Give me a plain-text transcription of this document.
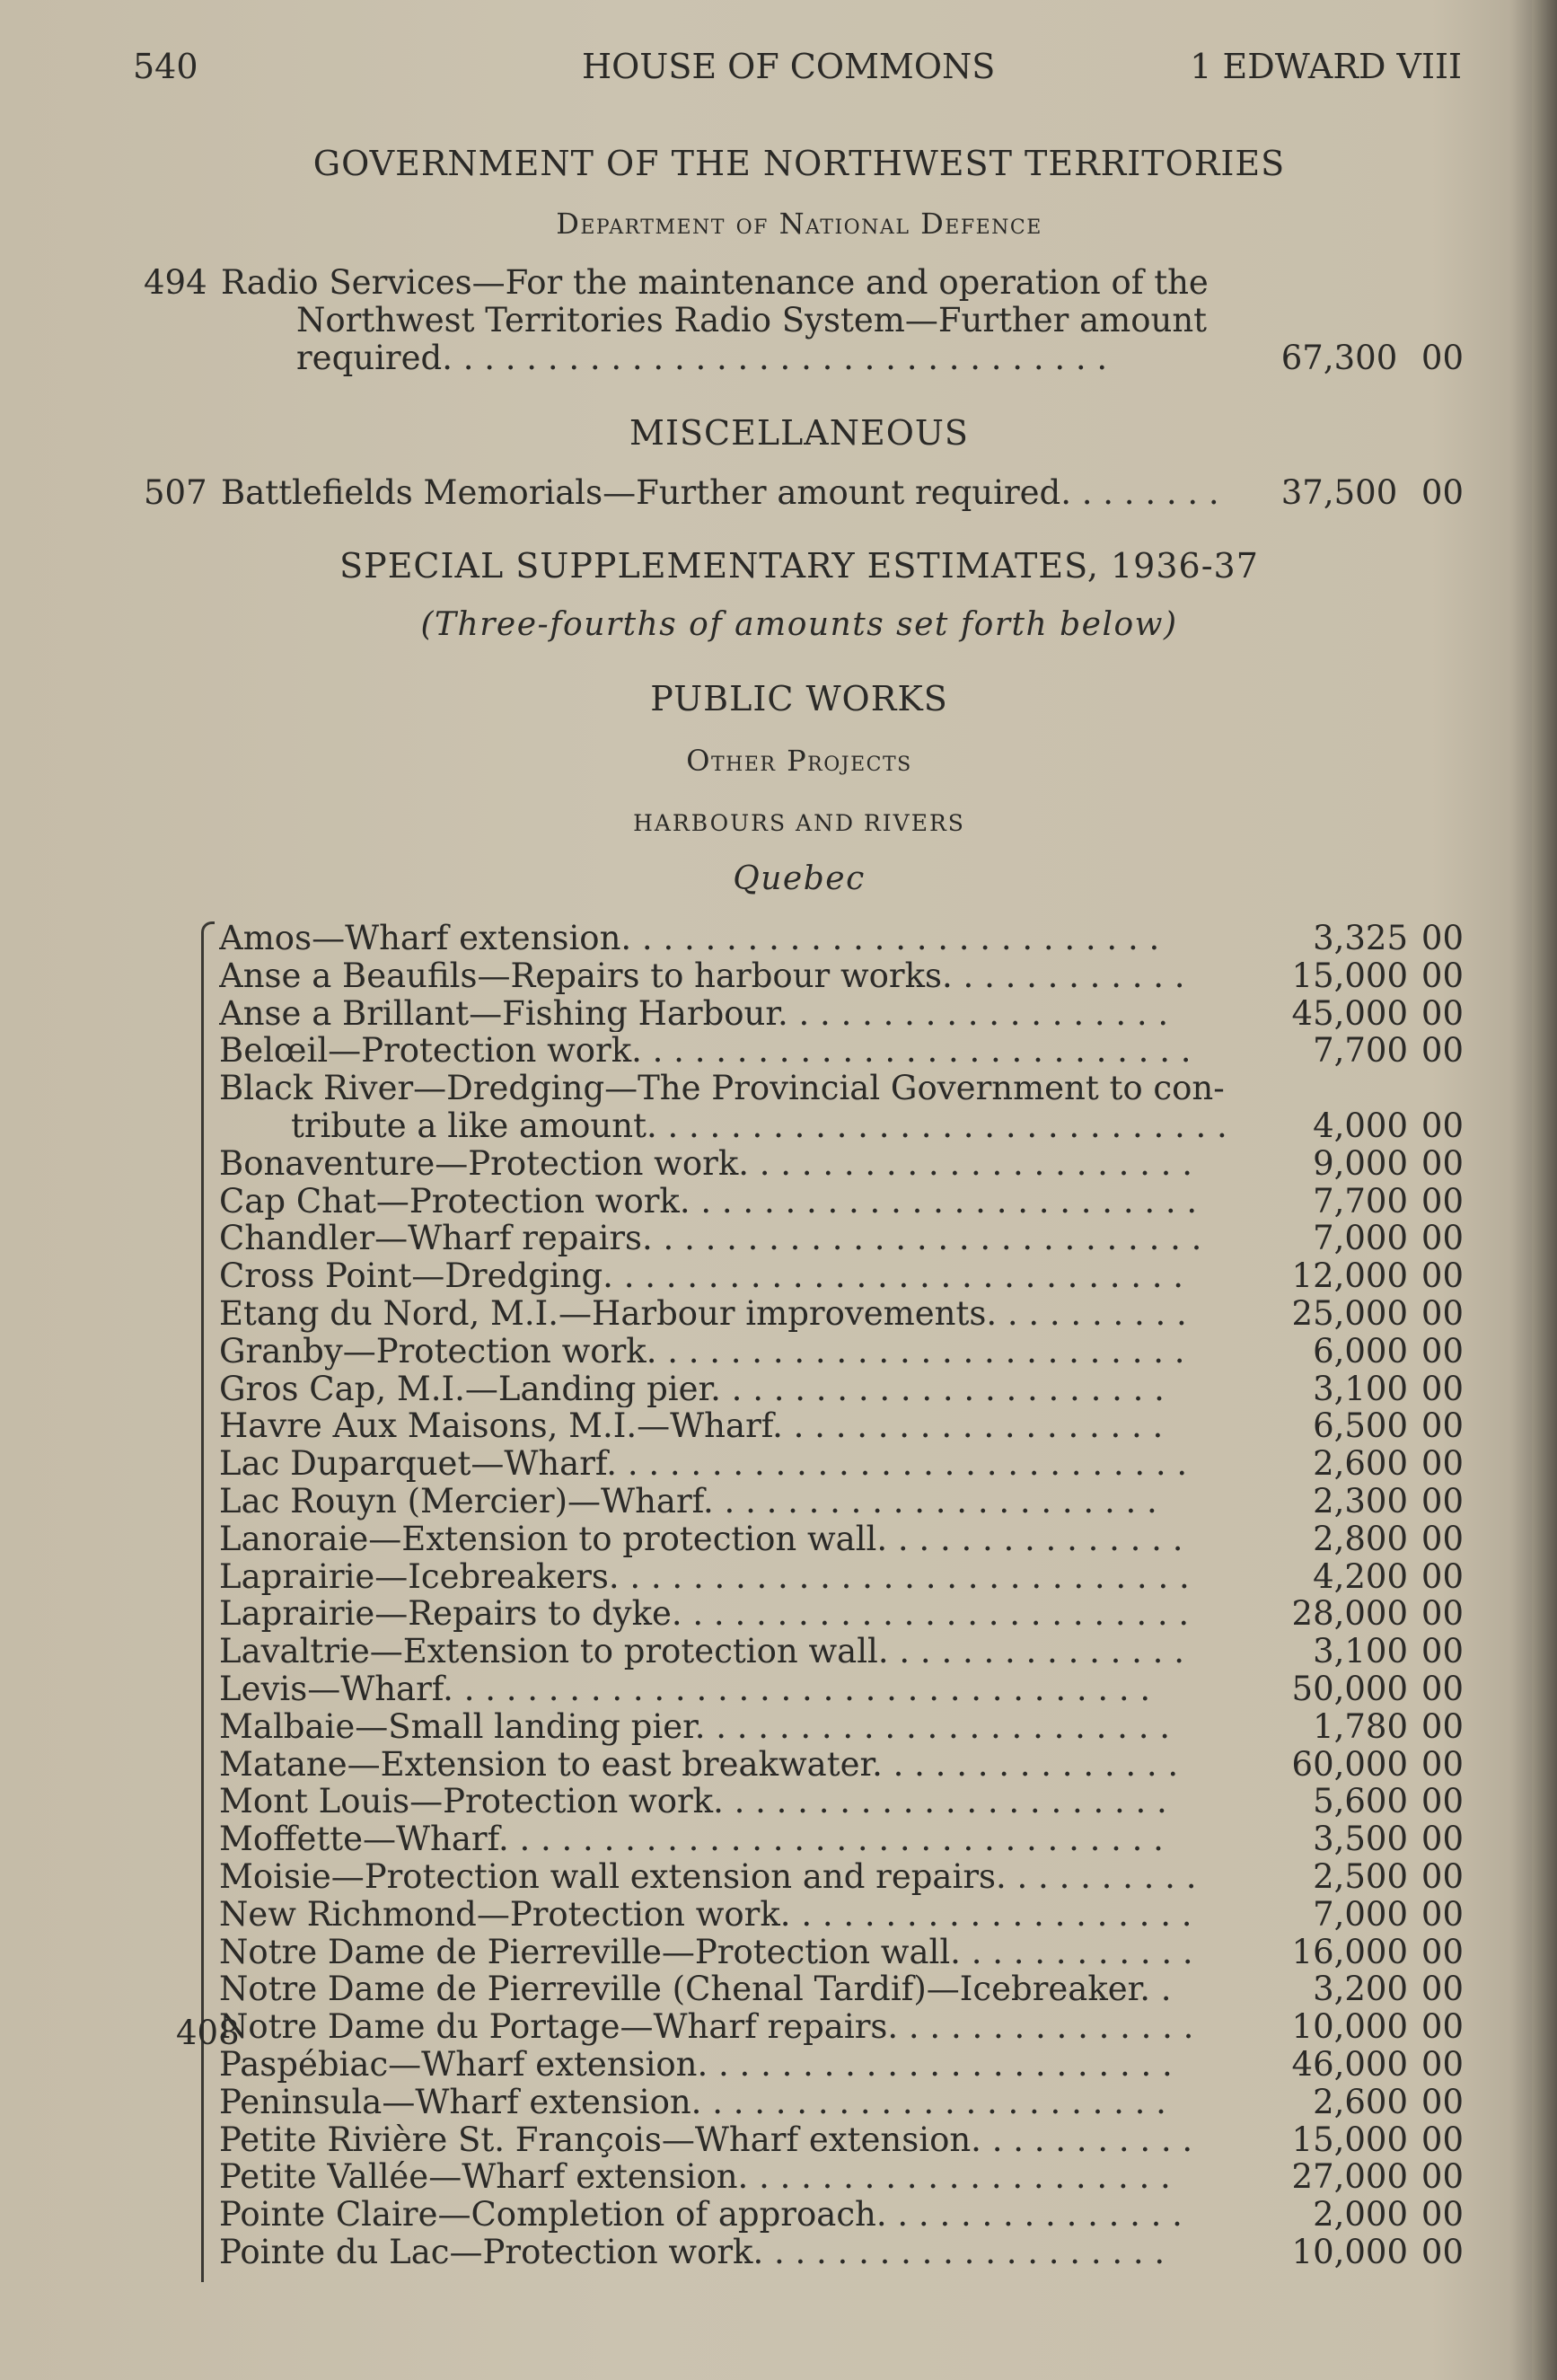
540	HOUSE OF COMMONS	1 EDWARD VIII
GOVERNMENT OF THE NORTHWEST TERRITORIES
Department of National Defence
494 Radio Services—For the maintenance and operation of the
Northwest Territories Radio System—Further amount
required. . . . . . . . . . . . . . . . . . . . . . . . . . . . . . . .	67,300 00
MISCELLANEOUS
507 Battlefields Memorials—Further amount required. . . . . . . .	37,500 00
SPECIAL SUPPLEMENTARY ESTIMATES, 1936-37
(Three-fourths of amounts set forth below)
PUBLIC WORKS
Other Projects
HARBOURS AND RIVERS
Quebec
408
Amos—Wharf extension. . . . . . . . . . . . . . . . . . . . . . . . . .	3,325 00
Anse a Beaufils—Repairs to harbour works. . . . . . . . . . . .	15,000 00
Anse a Brillant—Fishing Harbour. . . . . . . . . . . . . . . . . . .	45,000 00
Belœil—Protection work. . . . . . . . . . . . . . . . . . . . . . . . . . .	7,700 00
Black River—Dredging—The Provincial Government to con-
tribute a like amount. . . . . . . . . . . . . . . . . . . . . . . . . . . .	4,000 00
Bonaventure—Protection work. . . . . . . . . . . . . . . . . . . . . .	9,000 00
Cap Chat—Protection work. . . . . . . . . . . . . . . . . . . . . . . . .	7,700 00
Chandler—Wharf repairs. . . . . . . . . . . . . . . . . . . . . . . . . . .	7,000 00
Cross Point—Dredging. . . . . . . . . . . . . . . . . . . . . . . . . . . .	12,000 00
Etang du Nord, M.I.—Harbour improvements. . . . . . . . . .	25,000 00
Granby—Protection work. . . . . . . . . . . . . . . . . . . . . . . . . .	6,000 00
Gros Cap, M.I.—Landing pier. . . . . . . . . . . . . . . . . . . . . .	3,100 00
Havre Aux Maisons, M.I.—Wharf. . . . . . . . . . . . . . . . . . .	6,500 00
Lac Duparquet—Wharf. . . . . . . . . . . . . . . . . . . . . . . . . . . .	2,600 00
Lac Rouyn (Mercier)—Wharf. . . . . . . . . . . . . . . . . . . . . .	2,300 00
Lanoraie—Extension to protection wall. . . . . . . . . . . . . . .	2,800 00
Laprairie—Icebreakers. . . . . . . . . . . . . . . . . . . . . . . . . . . .	4,200 00
Laprairie—Repairs to dyke. . . . . . . . . . . . . . . . . . . . . . . . .	28,000 00
Lavaltrie—Extension to protection wall. . . . . . . . . . . . . . .	3,100 00
Levis—Wharf. . . . . . . . . . . . . . . . . . . . . . . . . . . . . . . . . .	50,000 00
Malbaie—Small landing pier. . . . . . . . . . . . . . . . . . . . . . .	1,780 00
Matane—Extension to east breakwater. . . . . . . . . . . . . . .	60,000 00
Mont Louis—Protection work. . . . . . . . . . . . . . . . . . . . . .	5,600 00
Moffette—Wharf. . . . . . . . . . . . . . . . . . . . . . . . . . . . . . . .	3,500 00
Moisie—Protection wall extension and repairs. . . . . . . . . .	2,500 00
New Richmond—Protection work. . . . . . . . . . . . . . . . . . . .	7,000 00
Notre Dame de Pierreville—Protection wall. . . . . . . . . . . .	16,000 00
Notre Dame de Pierreville (Chenal Tardif)—Icebreaker. .	3,200 00
Notre Dame du Portage—Wharf repairs. . . . . . . . . . . . . . .	10,000 00
Paspébiac—Wharf extension. . . . . . . . . . . . . . . . . . . . . . .	46,000 00
Peninsula—Wharf extension. . . . . . . . . . . . . . . . . . . . . . .	2,600 00
Petite Rivière St. François—Wharf extension. . . . . . . . . . .	15,000 00
Petite Vallée—Wharf extension. . . . . . . . . . . . . . . . . . . . .	27,000 00
Pointe Claire—Completion of approach. . . . . . . . . . . . . . .	2,000 00
Pointe du Lac—Protection work. . . . . . . . . . . . . . . . . . . .	10,000 00
